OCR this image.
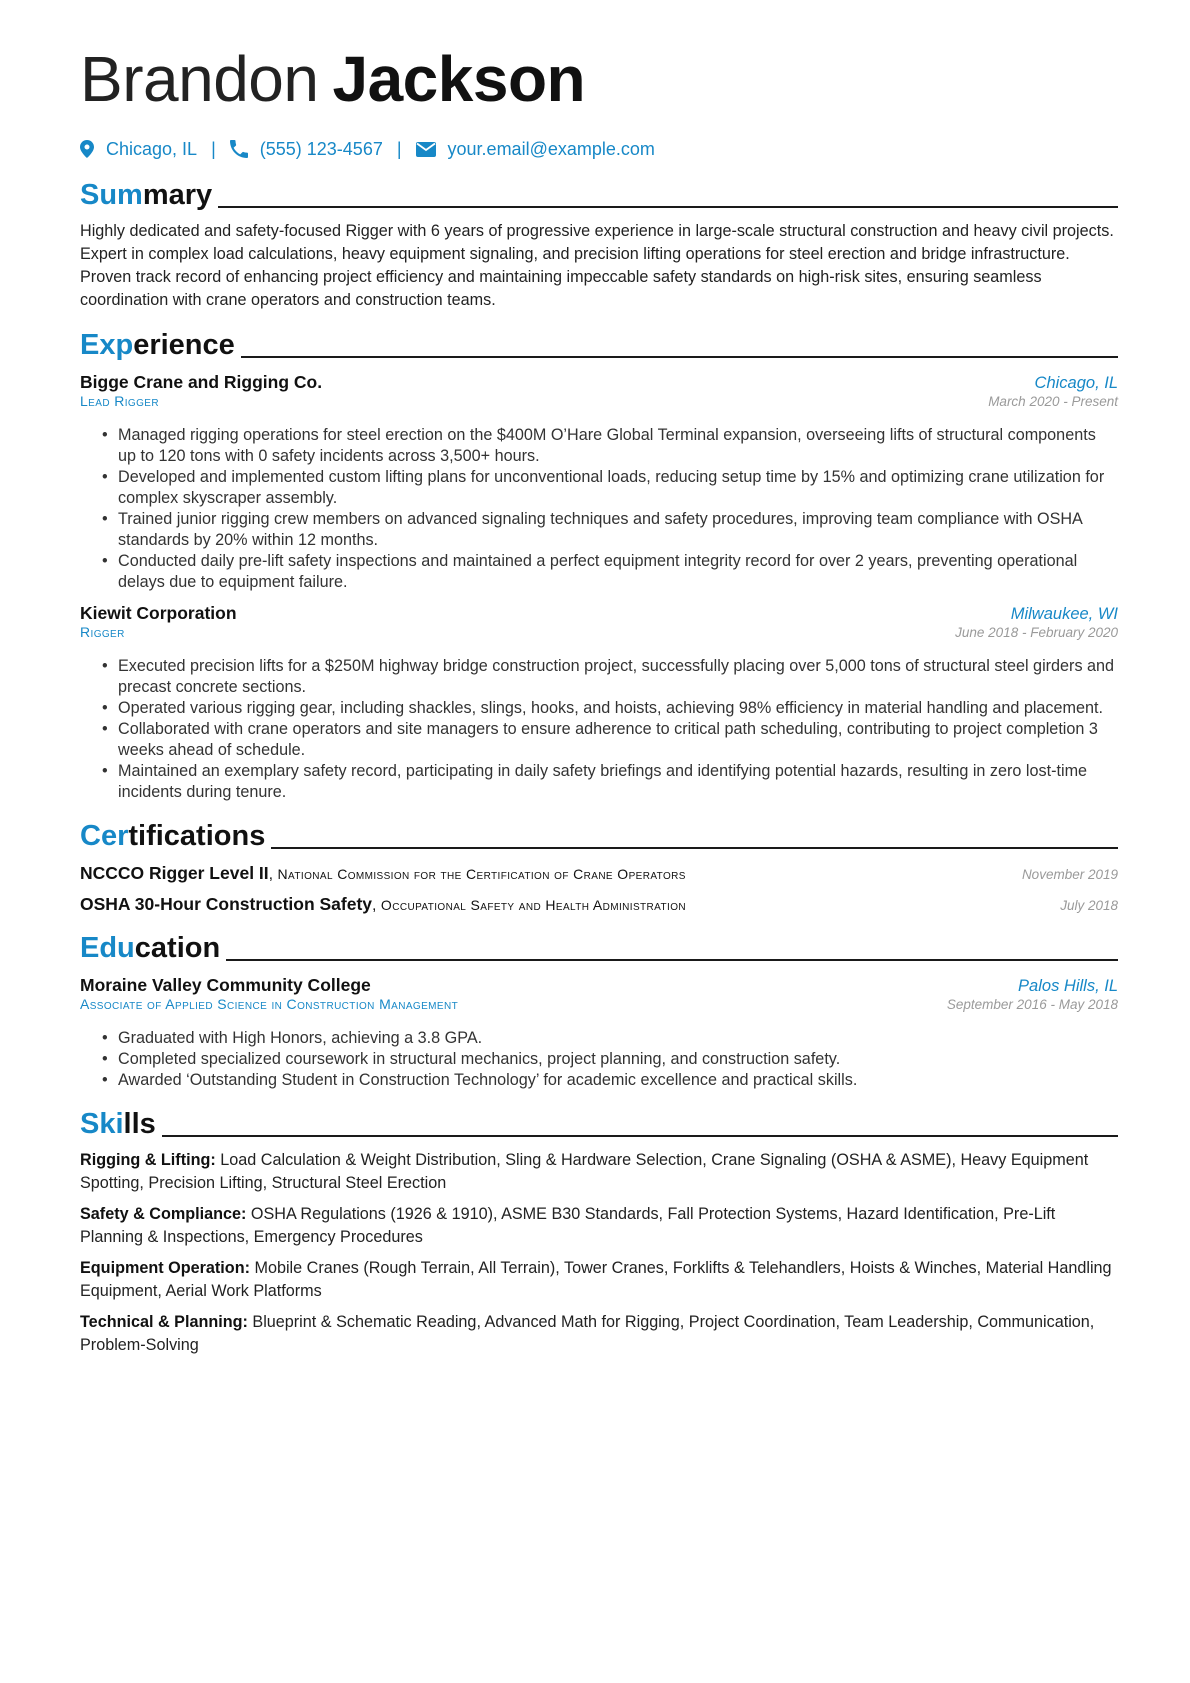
Brandon Jackson
Chicago, IL | (555) 123-4567 |	your.email@example.com
Summary
Highly dedicated and safety-focused Rigger with 6 years of progressive experience in large-scale structural construction and heavy civil projects. Expert in complex load calculations, heavy equipment signaling, and precision lifting operations for steel erection and bridge infrastructure. Proven track record of enhancing project efficiency and maintaining impeccable safety standards on high-risk sites, ensuring seamless coordination with crane operators and construction teams.
Experience
Bigge Crane and Rigging Co.	Chicago, IL
Lead Rigger	March 2020 - Present
• Managed rigging operations for steel erection on the $400M O’Hare Global Terminal expansion, overseeing lifts of structural components up to 120 tons with 0 safety incidents across 3,500+ hours.
• Developed and implemented custom lifting plans for unconventional loads, reducing setup time by 15% and optimizing crane utilization for complex skyscraper assembly.
• Trained junior rigging crew members on advanced signaling techniques and safety procedures, improving team compliance with OSHA standards by 20% within 12 months.
• Conducted daily pre-lift safety inspections and maintained a perfect equipment integrity record for over 2 years, preventing operational delays due to equipment failure.
Kiewit Corporation	Milwaukee, WI
Rigger	June 2018 - February 2020
• Executed precision lifts for a $250M highway bridge construction project, successfully placing over 5,000 tons of structural steel girders and precast concrete sections.
• Operated various rigging gear, including shackles, slings, hooks, and hoists, achieving 98% efficiency in material handling and placement.
• Collaborated with crane operators and site managers to ensure adherence to critical path scheduling, contributing to project completion 3 weeks ahead of schedule.
• Maintained an exemplary safety record, participating in daily safety briefings and identifying potential hazards, resulting in zero lost-time incidents during tenure.
Certifications
NCCCO Rigger Level II, National Commission for the Certification of Crane Operators	November 2019
OSHA 30-Hour Construction Safety, Occupational Safety and Health Administration	July 2018
Education
Moraine Valley Community College	Palos Hills, IL
Associate of Applied Science in Construction Management	September 2016 - May 2018
• Graduated with High Honors, achieving a 3.8 GPA.
• Completed specialized coursework in structural mechanics, project planning, and construction safety.
• Awarded ‘Outstanding Student in Construction Technology’ for academic excellence and practical skills.
Skills
Rigging & Lifting: Load Calculation & Weight Distribution, Sling & Hardware Selection, Crane Signaling (OSHA & ASME), Heavy Equipment Spotting, Precision Lifting, Structural Steel Erection
Safety & Compliance: OSHA Regulations (1926 & 1910), ASME B30 Standards, Fall Protection Systems, Hazard Identification, Pre-Lift Planning & Inspections, Emergency Procedures
Equipment Operation: Mobile Cranes (Rough Terrain, All Terrain), Tower Cranes, Forklifts & Telehandlers, Hoists & Winches, Material Handling Equipment, Aerial Work Platforms
Technical & Planning: Blueprint & Schematic Reading, Advanced Math for Rigging, Project Coordination, Team Leadership, Communication, Problem-Solving
